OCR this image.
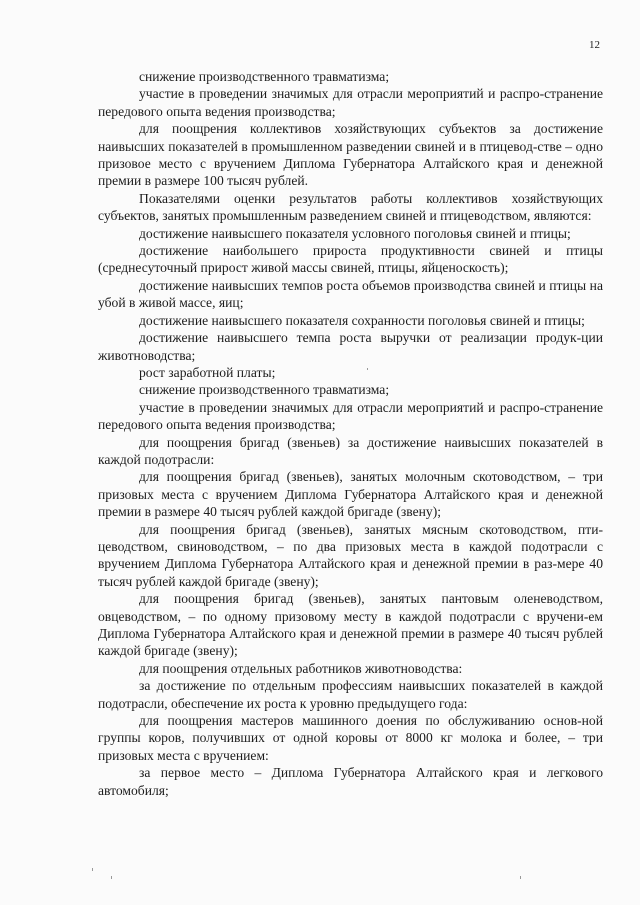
12

снижение производственного травматизма;

участие в проведении значимых для отрасли мероприятий и распро-странение передового опыта ведения производства;

для поощрения коллективов хозяйствующих субъектов за достижение наивысших показателей в промышленном разведении свиней и в птицевод-стве – одно призовое место с вручением Диплома Губернатора Алтайского края и денежной премии в размере 100 тысяч рублей.

Показателями оценки результатов работы коллективов хозяйствующих субъектов, занятых промышленным разведением свиней и птицеводством, являются:

достижение наивысшего показателя условного поголовья свиней и птицы;

достижение наибольшего прироста продуктивности свиней и птицы (среднесуточный прирост живой массы свиней, птицы, яйценоскость);

достижение наивысших темпов роста объемов производства свиней и птицы на убой в живой массе, яиц;

достижение наивысшего показателя сохранности поголовья свиней и птицы;

достижение наивысшего темпа роста выручки от реализации продук-ции животноводства;

рост заработной платы;

снижение производственного травматизма;

участие в проведении значимых для отрасли мероприятий и распро-странение передового опыта ведения производства;

для поощрения бригад (звеньев) за достижение наивысших показателей в каждой подотрасли:

для поощрения бригад (звеньев), занятых молочным скотоводством, – три призовых места с вручением Диплома Губернатора Алтайского края и денежной премии в размере 40 тысяч рублей каждой бригаде (звену);

для поощрения бригад (звеньев), занятых мясным скотоводством, пти-цеводством, свиноводством, – по два призовых места в каждой подотрасли с вручением Диплома Губернатора Алтайского края и денежной премии в раз-мере 40 тысяч рублей каждой бригаде (звену);

для поощрения бригад (звеньев), занятых пантовым оленеводством, овцеводством, – по одному призовому месту в каждой подотрасли с вручени-ем Диплома Губернатора Алтайского края и денежной премии в размере 40 тысяч рублей каждой бригаде (звену);

для поощрения отдельных работников животноводства:

за достижение по отдельным профессиям наивысших показателей в каждой подотрасли, обеспечение их роста к уровню предыдущего года:

для поощрения мастеров машинного доения по обслуживанию основ-ной группы коров, получивших от одной коровы от 8000 кг молока и более, – три призовых места с вручением:

за первое место – Диплома Губернатора Алтайского края и легкового автомобиля;
